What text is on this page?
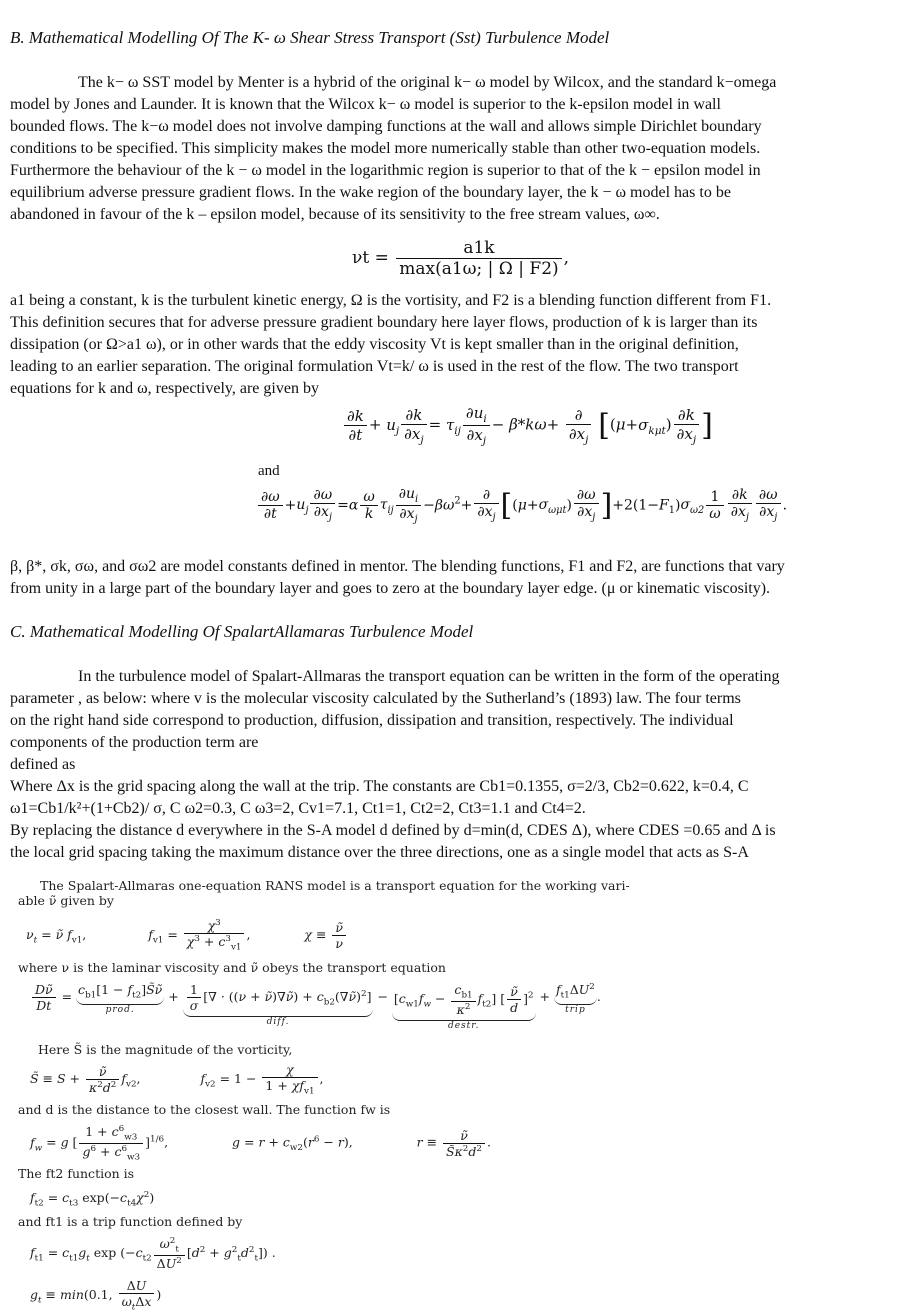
B. Mathematical Modelling Of The K- ω Shear Stress Transport (Sst) Turbulence Model
The k− ω SST model by Menter is a hybrid of the original k− ω model by Wilcox, and the standard k−omega
model by Jones and Launder. It is known that the Wilcox k− ω model is superior to the k-epsilon model in wall
bounded flows. The k−ω model does not involve damping functions at the wall and allows simple Dirichlet boundary
conditions to be specified. This simplicity makes the model more numerically stable than other two-equation models.
Furthermore the behaviour of the k − ω model in the logarithmic region is superior to that of the k − epsilon model in
equilibrium adverse pressure gradient flows. In the wake region of the boundary layer, the k − ω model has to be
abandoned in favour of the k – epsilon model, because of its sensitivity to the free stream values, ω∞.
$\nu t = \frac{a1k}{\max(a1\omega; | \Omega | F2)}$ ,
a1 being a constant, k is the turbulent kinetic energy, Ω is the vortisity, and F2 is a blending function different from F1.
This definition secures that for adverse pressure gradient boundary here layer flows, production of k is larger than its
dissipation (or Ω>a1 ω), or in other wards that the eddy viscosity Vt is kept smaller than in the original definition,
leading to an earlier separation. The original formulation Vt=k/ ω is used in the rest of the flow. The two transport
equations for k and ω, respectively, are given by
$\frac{\partial k}{\partial t} + u_j \frac{\partial k}{\partial x_j} = \tau_{ij} \frac{\partial u_i}{\partial x_j} - \beta*k\omega+ \frac{\partial}{\partial x_j} [(\mu+\sigma_{k\mu t}) \frac{\partial k}{\partial x_j}$ ]
and
$\frac{\partial\omega}{\partial t} +u_j \frac{\partial\omega}{\partial x_j} =\alpha \frac{\omega}{k} \tau_{ij} \frac{\partial u_i}{\partial x_j} -\beta\omega^2+ \frac{\partial}{\partial x_j} [(\mu+\sigma_{\omega\mu t}) \frac{\partial\omega}{\partial x_j} ]+2(1-F_1)\sigma_{\omega 2} \frac{1}{\omega} \frac{\partial k}{\partial x_j} \frac{\partial\omega}{\partial x_j}$ .
β, β*, σk, σω, and σω2 are model constants defined in mentor. The blending functions, F1 and F2, are functions that vary
from unity in a large part of the boundary layer and goes to zero at the boundary layer edge. (μ or kinematic viscosity).
C. Mathematical Modelling Of SpalartAllamaras Turbulence Model
In the turbulence model of Spalart-Allmaras the transport equation can be written in the form of the operating
parameter , as below: where v is the molecular viscosity calculated by the Sutherland’s (1893) law. The four terms
on the right hand side correspond to production, diffusion, dissipation and transition, respectively. The individual
components of the production term are
defined as
Where Δx is the grid spacing along the wall at the trip. The constants are Cb1=0.1355, σ=2/3, Cb2=0.622, k=0.4, C
ω1=Cb1/k²+(1+Cb2)/ σ, C ω2=0.3, C ω3=2, Cv1=7.1, Ct1=1, Ct2=2, Ct3=1.1 and Ct4=2.
By replacing the distance d everywhere in the S-A model d defined by d=min(d, CDES Δ), where CDES =0.65 and Δ is
the local grid spacing taking the maximum distance over the three directions, one as a single model that acts as S-A
The Spalart-Allmaras one-equation RANS model is a transport equation for the working vari-
able ν̃ given by
$\nu_t$ = ν̃ $f_{v1}$,	$f_{v1} = \frac{\chi^3}{\chi^3 + c^3_{v1}}$ ,	$\chi \equiv \frac{\nũ}{\nu}$
where ν is the laminar viscosity and ν̃ obeys the transport equation
$\frac{D\nũ}{Dt} = c_{b1}[1$ − $f_{t2}]S̃\nũ$
prod.
+ $\frac{1}{\sigma}$ [∇ · ((ν + ν̃)∇ν̃) + $c_{b2}(\nabla\nũ)^2$]
diff.
− $[c_{w1}f_w - \frac{c_{b1}}{\kappa^2} f_{t2}]$ [ $\frac{\nũ}{d} ]^2$
destr.
+ $f_{t1}\Delta U^2$
trip
.
Here S̃ is the magnitude of the vorticity,
S̃ ≡ $S + \frac{\nũ}{\kappa^2d^2} f_{v2}$,	$f_{v2} = 1 - \frac{\chi}{1 + \chi f_{v1}}$ ,
and d is the distance to the closest wall. The function fw is
$f_w = g$ [ $\frac{1 + c^6_{w3}}{g^6 + c^6_{w3}} ]^{1/6}$,	$g = r + c_{w2}(r^6 - r)$,	$r \equiv \frac{\nũ}{S̃\kappa^2d^2}$ .
The ft2 function is
$f_{t2} = c_{t3}$ $\exp(-c_{t4}\chi^2)$
and ft1 is a trip function defined by
$f_{t1} = c_{t1}g_t$ $\exp (-c_{t2} \frac{\omega^2_t}{\Delta U^2} [d^2 + g^2_td^2_t])$ .
$g_t \equiv \min(0.1$, $\frac{\Delta U}{\omega_t\Delta x}$ )
